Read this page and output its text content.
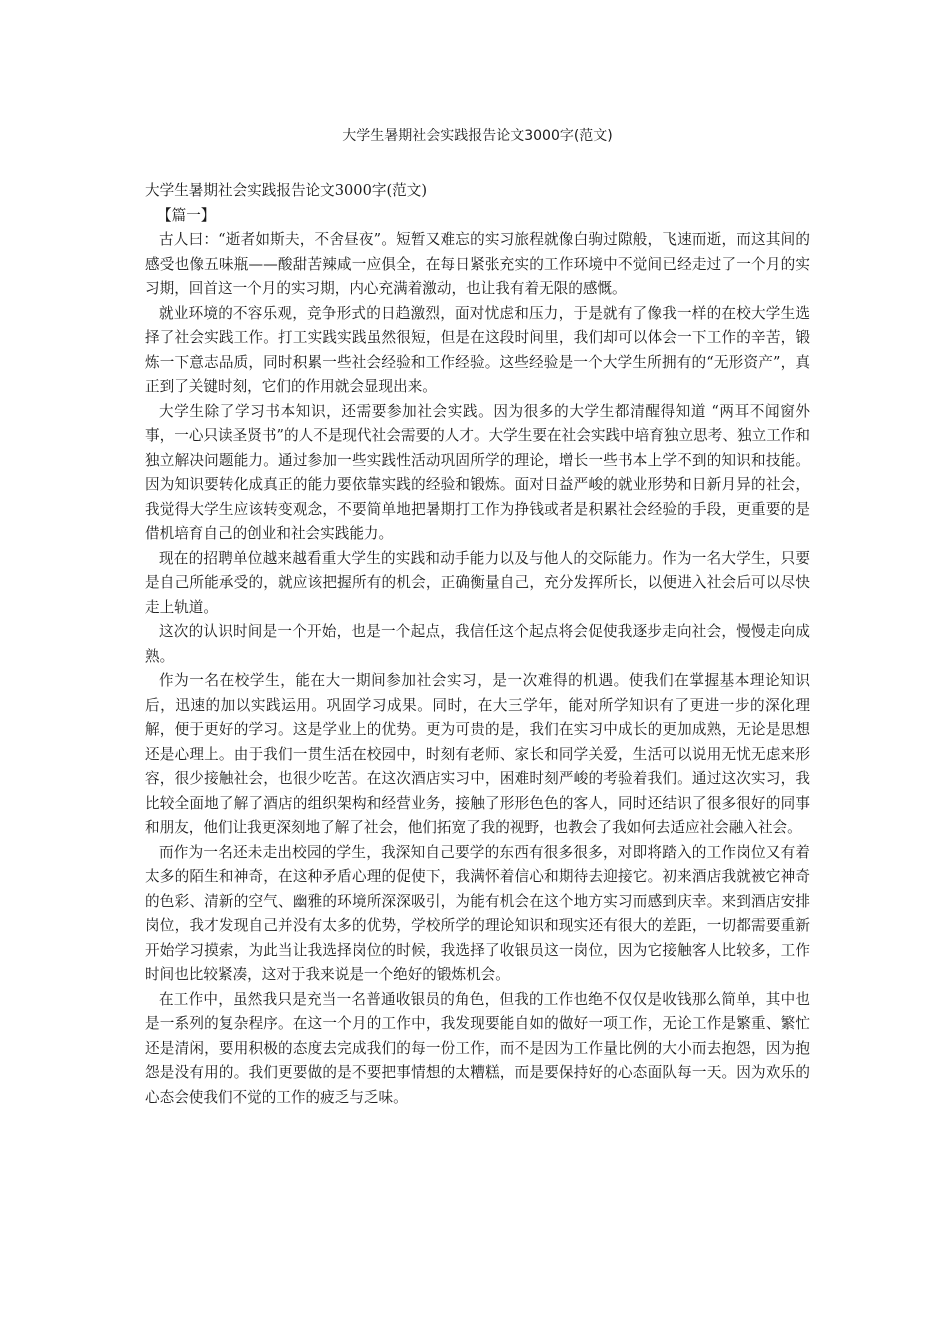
大学生暑期社会实践报告论文3000字(范文)

大学生暑期社会实践报告论文3000字(范文)

【篇一】

古人曰：“逝者如斯夫，不舍昼夜”。短暂又难忘的实习旅程就像白驹过隙般，飞速而逝，而这其间的感受也像五味瓶——酸甜苦辣咸一应俱全，在每日紧张充实的工作环境中不觉间已经走过了一个月的实习期，回首这一个月的实习期，内心充满着激动，也让我有着无限的感慨。

就业环境的不容乐观，竞争形式的日趋激烈，面对忧虑和压力，于是就有了像我一样的在校大学生选择了社会实践工作。打工实践实践虽然很短，但是在这段时间里，我们却可以体会一下工作的辛苦，锻炼一下意志品质，同时积累一些社会经验和工作经验。这些经验是一个大学生所拥有的“无形资产”，真正到了关键时刻，它们的作用就会显现出来。

大学生除了学习书本知识，还需要参加社会实践。因为很多的大学生都清醒得知道 “两耳不闻窗外事，一心只读圣贤书”的人不是现代社会需要的人才。大学生要在社会实践中培育独立思考、独立工作和独立解决问题能力。通过参加一些实践性活动巩固所学的理论，增长一些书本上学不到的知识和技能。因为知识要转化成真正的能力要依靠实践的经验和锻炼。面对日益严峻的就业形势和日新月异的社会，我觉得大学生应该转变观念，不要简单地把暑期打工作为挣钱或者是积累社会经验的手段，更重要的是借机培育自己的创业和社会实践能力。

现在的招聘单位越来越看重大学生的实践和动手能力以及与他人的交际能力。作为一名大学生，只要是自己所能承受的，就应该把握所有的机会，正确衡量自己，充分发挥所长，以便进入社会后可以尽快走上轨道。

这次的认识时间是一个开始，也是一个起点，我信任这个起点将会促使我逐步走向社会，慢慢走向成熟。

作为一名在校学生，能在大一期间参加社会实习，是一次难得的机遇。使我们在掌握基本理论知识后，迅速的加以实践运用。巩固学习成果。同时，在大三学年，能对所学知识有了更进一步的深化理解，便于更好的学习。这是学业上的优势。更为可贵的是，我们在实习中成长的更加成熟，无论是思想还是心理上。由于我们一贯生活在校园中，时刻有老师、家长和同学关爱，生活可以说用无忧无虑来形容，很少接触社会，也很少吃苦。在这次酒店实习中，困难时刻严峻的考验着我们。通过这次实习，我比较全面地了解了酒店的组织架构和经营业务，接触了形形色色的客人，同时还结识了很多很好的同事和朋友，他们让我更深刻地了解了社会，他们拓宽了我的视野，也教会了我如何去适应社会融入社会。

而作为一名还未走出校园的学生，我深知自己要学的东西有很多很多，对即将踏入的工作岗位又有着太多的陌生和神奇，在这种矛盾心理的促使下，我满怀着信心和期待去迎接它。初来酒店我就被它神奇的色彩、清新的空气、幽雅的环境所深深吸引，为能有机会在这个地方实习而感到庆幸。来到酒店安排岗位，我才发现自己并没有太多的优势，学校所学的理论知识和现实还有很大的差距，一切都需要重新开始学习摸索，为此当让我选择岗位的时候，我选择了收银员这一岗位，因为它接触客人比较多，工作时间也比较紧凑，这对于我来说是一个绝好的锻炼机会。

在工作中，虽然我只是充当一名普通收银员的角色，但我的工作也绝不仅仅是收钱那么简单，其中也是一系列的复杂程序。在这一个月的工作中，我发现要能自如的做好一项工作，无论工作是繁重、繁忙还是清闲，要用积极的态度去完成我们的每一份工作，而不是因为工作量比例的大小而去抱怨，因为抱怨是没有用的。我们更要做的是不要把事情想的太糟糕，而是要保持好的心态面队每一天。因为欢乐的心态会使我们不觉的工作的疲乏与乏味。
